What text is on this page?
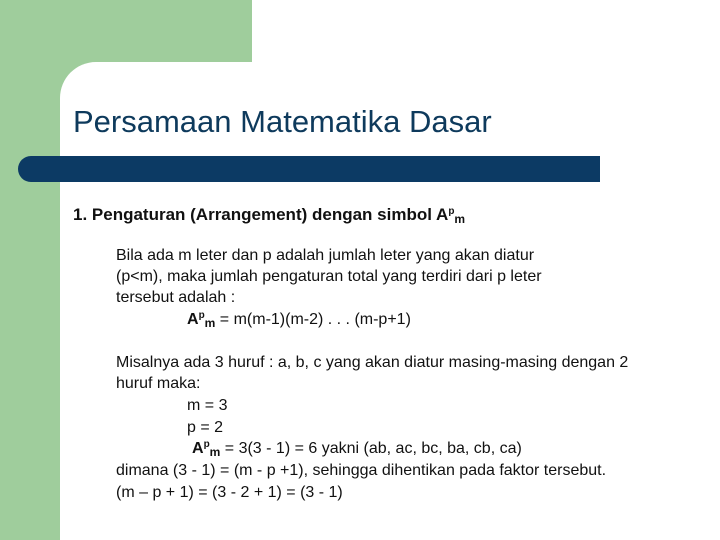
Persamaan Matematika Dasar
1. Pengaturan (Arrangement) dengan simbol $A^p_m$
Bila ada m leter dan p adalah jumlah leter yang akan diatur
(p<m), maka jumlah pengaturan total yang terdiri dari p leter
tersebut adalah :
$A^p_m = m(m-1)(m-2)$ . . . (m-p+1)
Misalnya ada 3 huruf : a, b, c yang akan diatur masing-masing dengan 2
huruf maka:
m = 3
p = 2
$A^p_m = 3(3 - 1) = 6$ yakni (ab, ac, bc, ba, cb, ca)
dimana (3 - 1) = (m - p +1), sehingga dihentikan pada faktor tersebut.
(m – p + 1) = (3 - 2 + 1) = (3 - 1)
